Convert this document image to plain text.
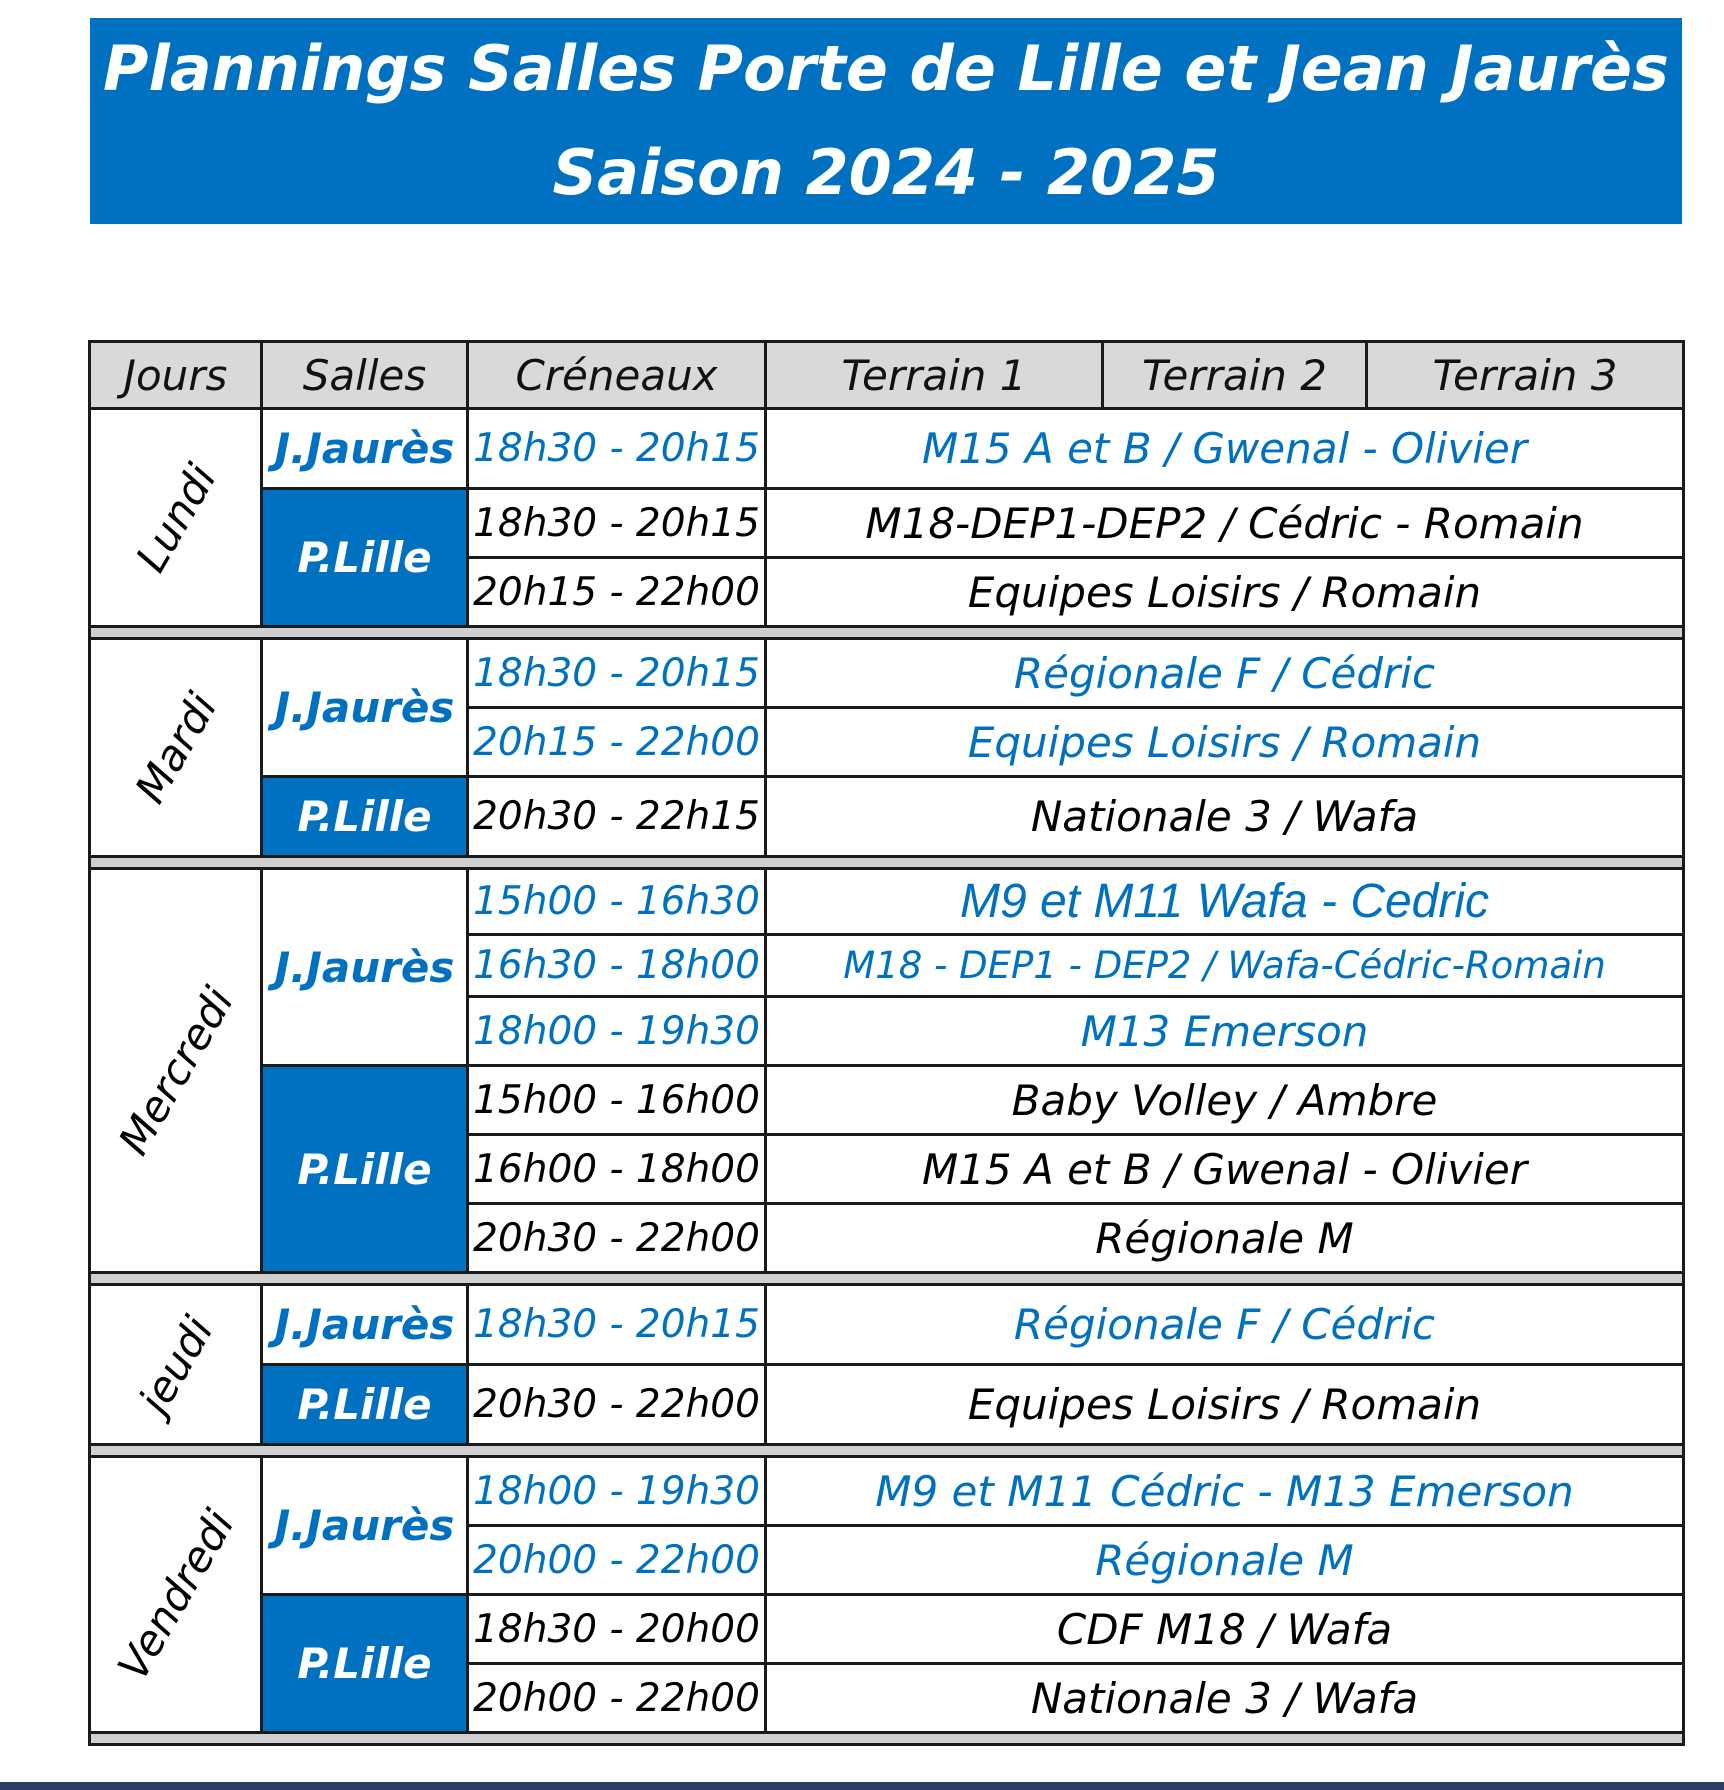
Plannings Salles Porte de Lille et Jean Jaurès
Saison 2024 - 2025
Jours	Salles	Créneaux	Terrain 1	Terrain 2	Terrain 3

Lundi	J.Jaurès	18h30 - 20h15	M15 A et B / Gwenal - Olivier		
	P.Lille	18h30 - 20h15	M18-DEP1-DEP2 / Cédric - Romain		
		20h15 - 22h00	Equipes Loisirs / Romain		

Mardi	J.Jaurès	18h30 - 20h15	Régionale F / Cédric		
		20h15 - 22h00	Equipes Loisirs / Romain		
	P.Lille	20h30 - 22h15	Nationale 3 / Wafa		

Mercredi	J.Jaurès	15h00 - 16h30	M9 et M11 Wafa - Cedric		
		16h30 - 18h00	M18 - DEP1 - DEP2 / Wafa-Cédric-Romain		
		18h00 - 19h30	M13 Emerson		
	P.Lille	15h00 - 16h00	Baby Volley / Ambre		
		16h00 - 18h00	M15 A et B / Gwenal - Olivier		
		20h30 - 22h00	Régionale M		

jeudi	J.Jaurès	18h30 - 20h15	Régionale F / Cédric		
	P.Lille	20h30 - 22h00	Equipes Loisirs / Romain		

Vendredi	J.Jaurès	18h00 - 19h30	M9 et M11 Cédric - M13 Emerson		
		20h00 - 22h00	Régionale M		
	P.Lille	18h30 - 20h00	CDF M18 / Wafa		
		20h00 - 22h00	Nationale 3 / Wafa		
